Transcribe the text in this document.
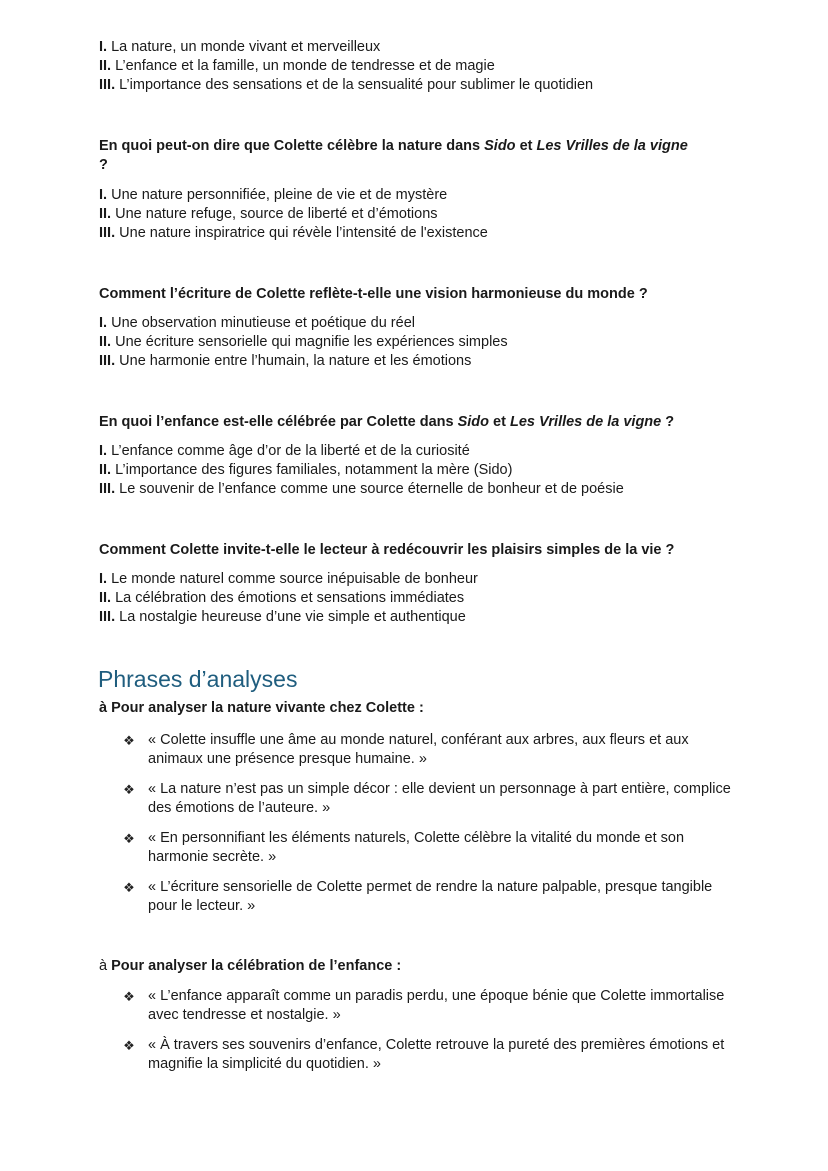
I. La nature, un monde vivant et merveilleux
II. L’enfance et la famille, un monde de tendresse et de magie
III. L’importance des sensations et de la sensualité pour sublimer le quotidien
En quoi peut-on dire que Colette célèbre la nature dans Sido et Les Vrilles de la vigne ?
I. Une nature personnifiée, pleine de vie et de mystère
II. Une nature refuge, source de liberté et d’émotions
III. Une nature inspiratrice qui révèle l’intensité de l'existence
Comment l’écriture de Colette reflète-t-elle une vision harmonieuse du monde ?
I. Une observation minutieuse et poétique du réel
II. Une écriture sensorielle qui magnifie les expériences simples
III. Une harmonie entre l’humain, la nature et les émotions
En quoi l’enfance est-elle célébrée par Colette dans Sido et Les Vrilles de la vigne ?
I. L’enfance comme âge d’or de la liberté et de la curiosité
II. L’importance des figures familiales, notamment la mère (Sido)
III. Le souvenir de l’enfance comme une source éternelle de bonheur et de poésie
Comment Colette invite-t-elle le lecteur à redécouvrir les plaisirs simples de la vie ?
I. Le monde naturel comme source inépuisable de bonheur
II. La célébration des émotions et sensations immédiates
III. La nostalgie heureuse d’une vie simple et authentique
Phrases d’analyses
à Pour analyser la nature vivante chez Colette :
❖ « Colette insuffle une âme au monde naturel, conférant aux arbres, aux fleurs et aux animaux une présence presque humaine. »
❖ « La nature n’est pas un simple décor : elle devient un personnage à part entière, complice des émotions de l’auteure. »
❖ « En personnifiant les éléments naturels, Colette célèbre la vitalité du monde et son harmonie secrète. »
❖ « L’écriture sensorielle de Colette permet de rendre la nature palpable, presque tangible pour le lecteur. »
à Pour analyser la célébration de l’enfance :
❖ « L’enfance apparaît comme un paradis perdu, une époque bénie que Colette immortalise avec tendresse et nostalgie. »
❖ « À travers ses souvenirs d’enfance, Colette retrouve la pureté des premières émotions et magnifie la simplicité du quotidien. »
